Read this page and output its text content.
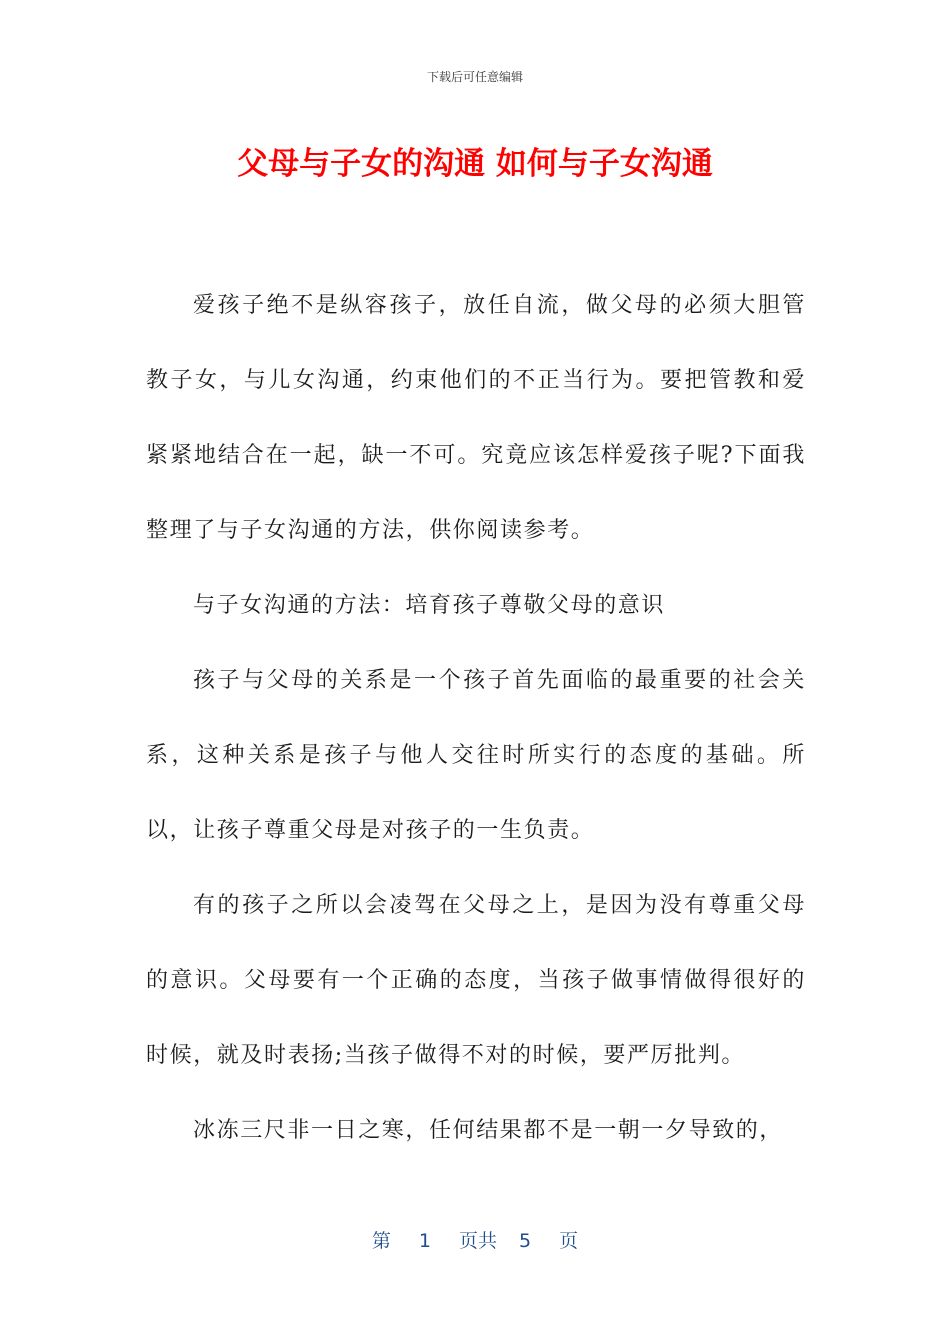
下载后可任意编辑
父母与子女的沟通 如何与子女沟通

爱孩子绝不是纵容孩子，放任自流，做父母的必须大胆管教子女，与儿女沟通，约束他们的不正当行为。要把管教和爱紧紧地结合在一起，缺一不可。究竟应该怎样爱孩子呢?下面我整理了与子女沟通的方法，供你阅读参考。

与子女沟通的方法：培育孩子尊敬父母的意识

孩子与父母的关系是一个孩子首先面临的最重要的社会关系，这种关系是孩子与他人交往时所实行的态度的基础。所以，让孩子尊重父母是对孩子的一生负责。

有的孩子之所以会凌驾在父母之上，是因为没有尊重父母的意识。父母要有一个正确的态度，当孩子做事情做得很好的时候，就及时表扬;当孩子做得不对的时候，要严厉批判。

冰冻三尺非一日之寒，任何结果都不是一朝一夕导致的，

第 1 页共 5 页
